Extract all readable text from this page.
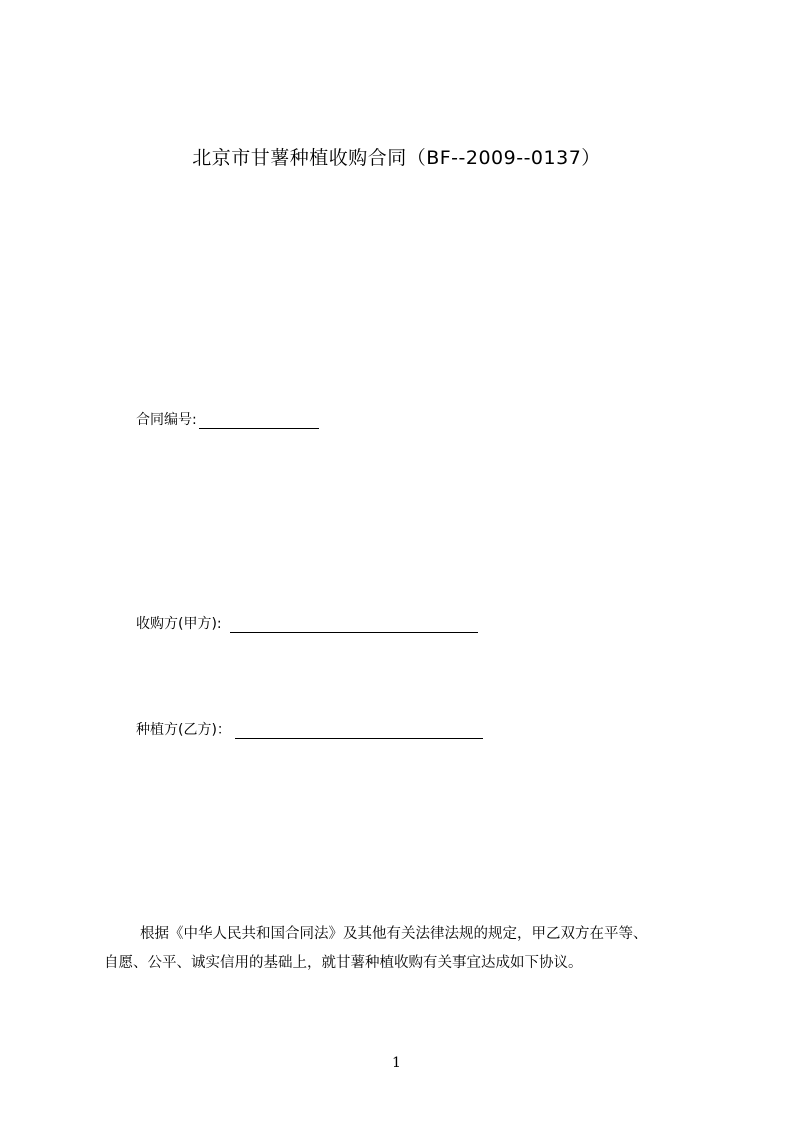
北京市甘薯种植收购合同（BF--2009--0137）
合同编号:
收购方(甲方):
种植方(乙方)：

根据《中华人民共和国合同法》及其他有关法律法规的规定，甲乙双方在平等、

自愿、公平、诚实信用的基础上，就甘薯种植收购有关事宜达成如下协议。

1
